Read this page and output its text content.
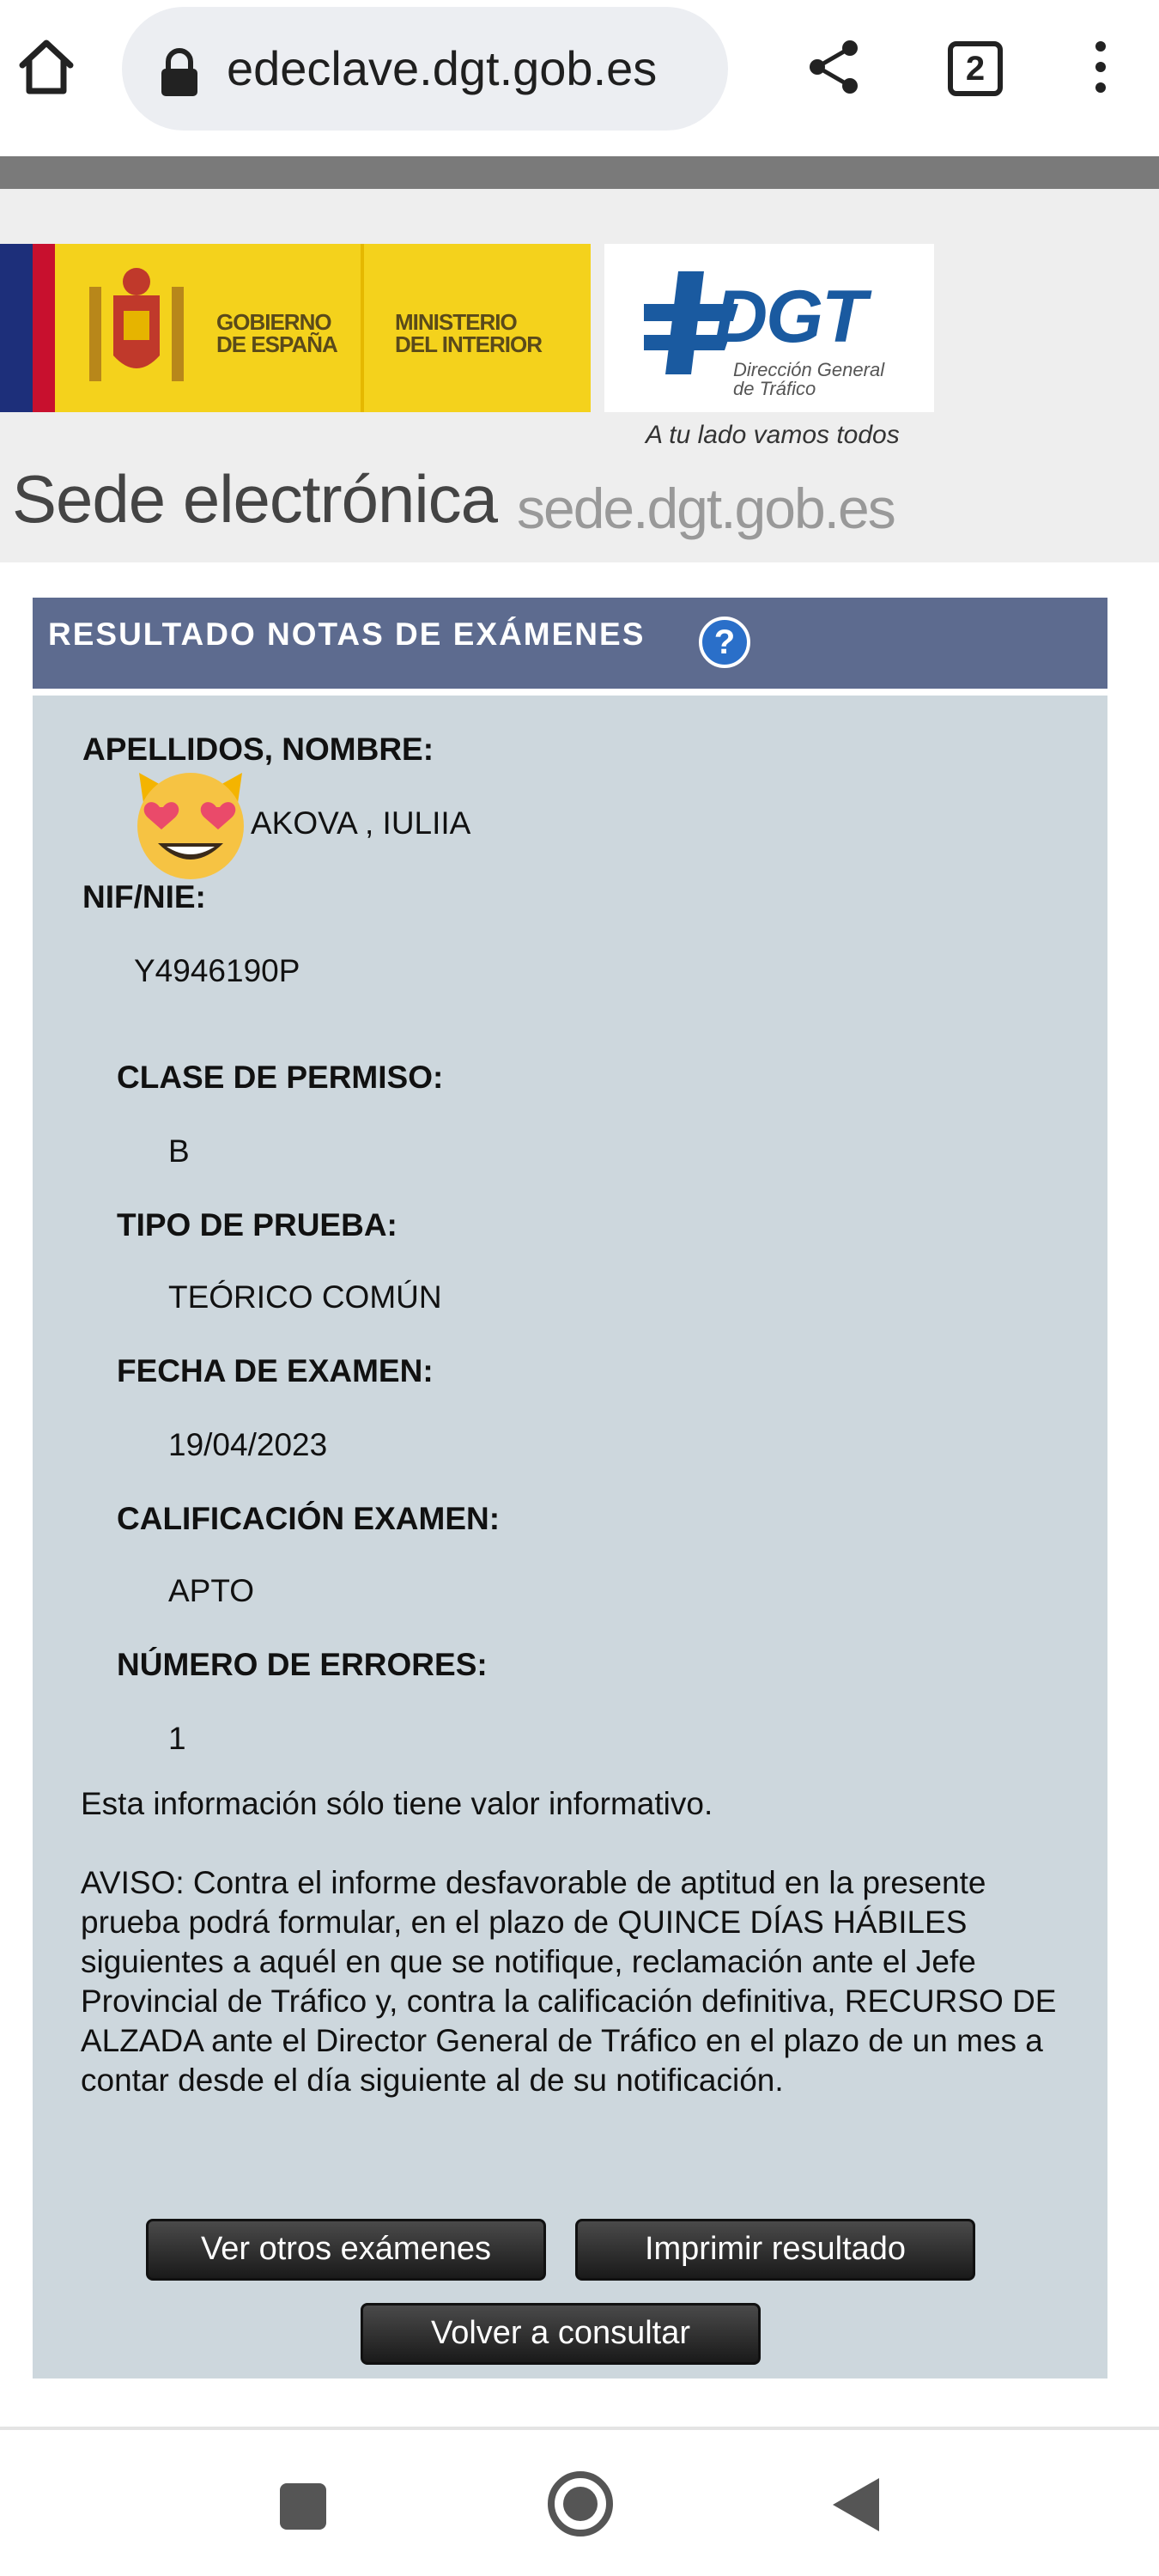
edeclave.dgt.gob.es	2
GOBIERNO
DE ESPAÑA
MINISTERIO
DEL INTERIOR DGT
Dirección General
de Tráfico
A tu lado vamos todos
Sede electrónica sede.dgt.gob.es
RESULTADO NOTAS DE EXÁMENES	?
APELLIDOS, NOMBRE:
AKOVA , IULIIA
NIF/NIE:
Y4946190P
CLASE DE PERMISO:
B
TIPO DE PRUEBA:
TEÓRICO COMÚN
FECHA DE EXAMEN:
19/04/2023
CALIFICACIÓN EXAMEN:
APTO
NÚMERO DE ERRORES:
1
Esta información sólo tiene valor informativo.
AVISO: Contra el informe desfavorable de aptitud en la presente prueba podrá formular, en el plazo de QUINCE DÍAS HÁBILES siguientes a aquél en que se notifique, reclamación ante el Jefe Provincial de Tráfico y, contra la calificación definitiva, RECURSO DE ALZADA ante el Director General de Tráfico en el plazo de un mes a contar desde el día siguiente al de su notificación.
Ver otros exámenes	Imprimir resultado
Volver a consultar
